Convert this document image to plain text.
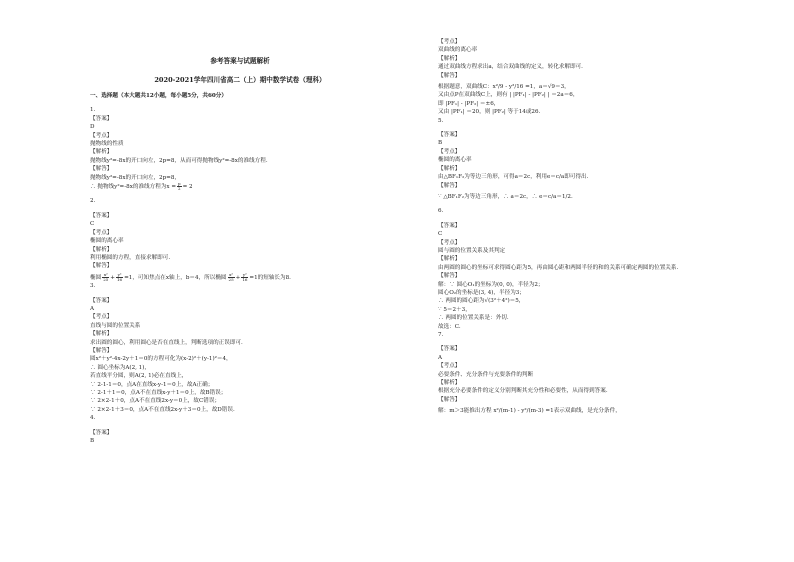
参考答案与试题解析
2020-2021学年四川省高二（上）期中数学试卷（理科）
一、选择题（本大题共12小题，每小题5分，共60分）
1.
【答案】
D
【考点】
抛物线的性质
【解析】
抛物线y²=-8x的开口向左，2p=8，从而可得抛物线y²=-8x的准线方程.
【解答】
抛物线y²=-8x的开口向左，2p=8，
∴ 抛物线y²=-8x的准线方程为$x = \frac{p}{2} = 2$
2.
【答案】
C
【考点】
椭圆的离心率
【解析】
利用椭圆的方程，直接求解即可.
【解答】
椭圆 $\frac{\text{x²}}{25} + \frac{\text{y²}}{16} =1$，可知焦点在x轴上，b＝4，所以椭圆 $\frac{\text{x²}}{25} + \frac{\text{y²}}{16} =1$的短轴长为8.
3.
【答案】
A
【考点】
直线与圆的位置关系
【解析】
求出圆的圆心，利用圆心是否在直线上，判断选项的正误即可.
【解答】
圆x²＋y²-4x-2y＋1＝0的方程可化为(x-2)²＋(y-1)²＝4，
∴ 圆心坐标为A(2, 1)，
若直线平分圆，则A(2, 1)必在直线上，
∵ 2-1-1＝0，点A在直线x-y-1＝0上，故A正确；
∵ 2-1＋1＝0，点A不在直线x-y＋1＝0上，故B错误；
∵ 2×2-1＋0，点A不在直线2x-y＝0上，故C错误；
∵ 2×2-1＋3＝0，点A不在直线2x-y＋3＝0上，故D错误.
4.
【答案】
B
【考点】
双曲线的离心率
【解析】
通过双曲线方程求出a，结合双曲线的定义，转化求解即可.
【解答】
根据题意，双曲线C：x²/9 - y²/16 =1，a＝√9＝3，
又由点P在双曲线C上，则有 | |PF₁| - |PF₂| | ＝2a＝6，
即 |PF₁| - |PF₂| ＝±6，
又由 |PF₁| ＝20，则 |PF₂| 等于14或26.
5.
【答案】
B
【考点】
椭圆的离心率
【解析】
由△BF₁F₂为等边三角形，可得a＝2c，利用e＝c/a即可得出.
【解答】
∵ △BF₁F₂为等边三角形，∴ a＝2c，∴ e＝c/a＝1/2.
6.
【答案】
C
【考点】
圆与圆的位置关系及其判定
【解析】
由两圆的圆心的坐标可求得圆心距为5，再由圆心距和两圆半径的和的关系可确定两圆的位置关系.
【解答】
解：∵ 圆心O₁的坐标为(0, 0)，半径为2；
圆心O₂的坐标是(3, 4)，半径为3；
∴ 两圆的圆心距为√(3²＋4²)＝5，
∵ 5＝2＋3，
∴ 两圆的位置关系是：外切.
故选：C.
7.
【答案】
A
【考点】
必要条件、充分条件与充要条件的判断
【解析】
根据充分必要条件的定义分别判断其充分性和必要性，从而得到答案.
【解答】
解：m＞3能推出方程 x²/(m-1) - y²/(m-3) =1表示双曲线，是充分条件，
